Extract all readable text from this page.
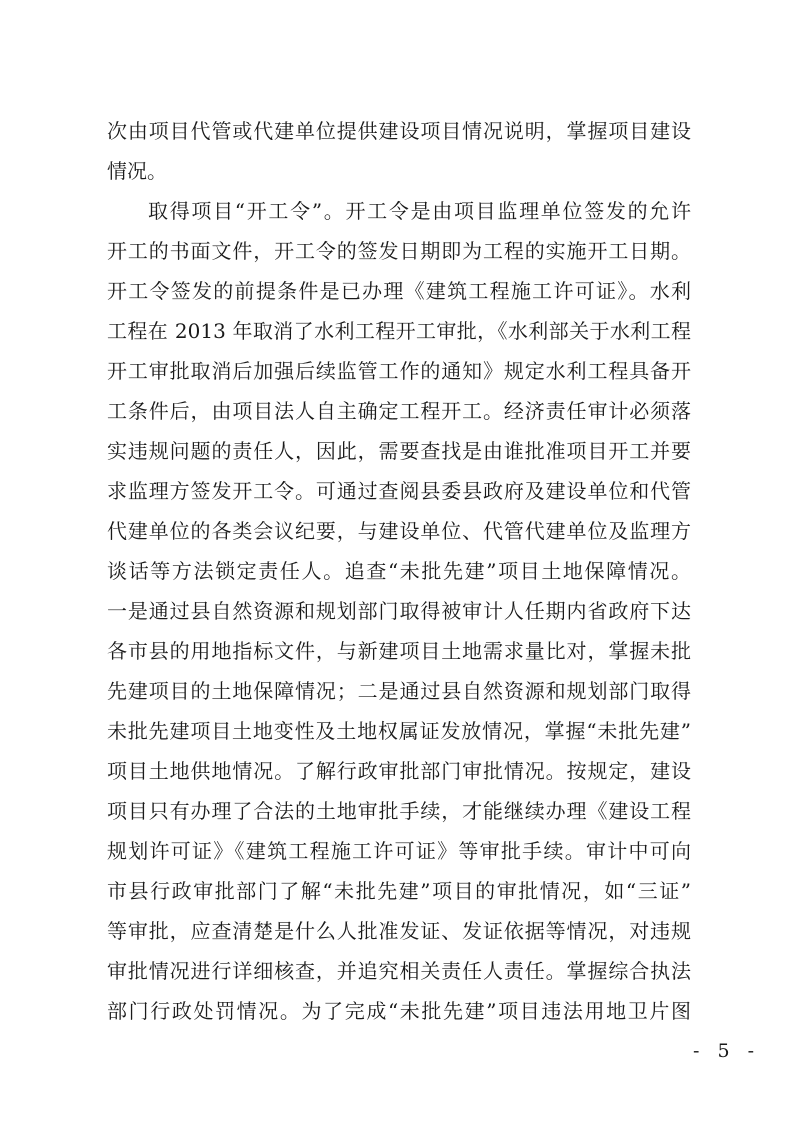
次由项目代管或代建单位提供建设项目情况说明，掌握项目建设
情况。
取得项目“开工令”。开工令是由项目监理单位签发的允许
开工的书面文件，开工令的签发日期即为工程的实施开工日期。
开工令签发的前提条件是已办理《建筑工程施工许可证》。水利
工程在 2013 年取消了水利工程开工审批，《水利部关于水利工程
开工审批取消后加强后续监管工作的通知》规定水利工程具备开
工条件后，由项目法人自主确定工程开工。经济责任审计必须落
实违规问题的责任人，因此，需要查找是由谁批准项目开工并要
求监理方签发开工令。可通过查阅县委县政府及建设单位和代管
代建单位的各类会议纪要，与建设单位、代管代建单位及监理方
谈话等方法锁定责任人。追查“未批先建”项目土地保障情况。
一是通过县自然资源和规划部门取得被审计人任期内省政府下达
各市县的用地指标文件，与新建项目土地需求量比对，掌握未批
先建项目的土地保障情况；二是通过县自然资源和规划部门取得
未批先建项目土地变性及土地权属证发放情况，掌握“未批先建”
项目土地供地情况。了解行政审批部门审批情况。按规定，建设
项目只有办理了合法的土地审批手续，才能继续办理《建设工程
规划许可证》《建筑工程施工许可证》等审批手续。审计中可向
市县行政审批部门了解“未批先建”项目的审批情况，如“三证”
等审批，应查清楚是什么人批准发证、发证依据等情况，对违规
审批情况进行详细核查，并追究相关责任人责任。掌握综合执法
部门行政处罚情况。为了完成“未批先建”项目违法用地卫片图
- 5 -
